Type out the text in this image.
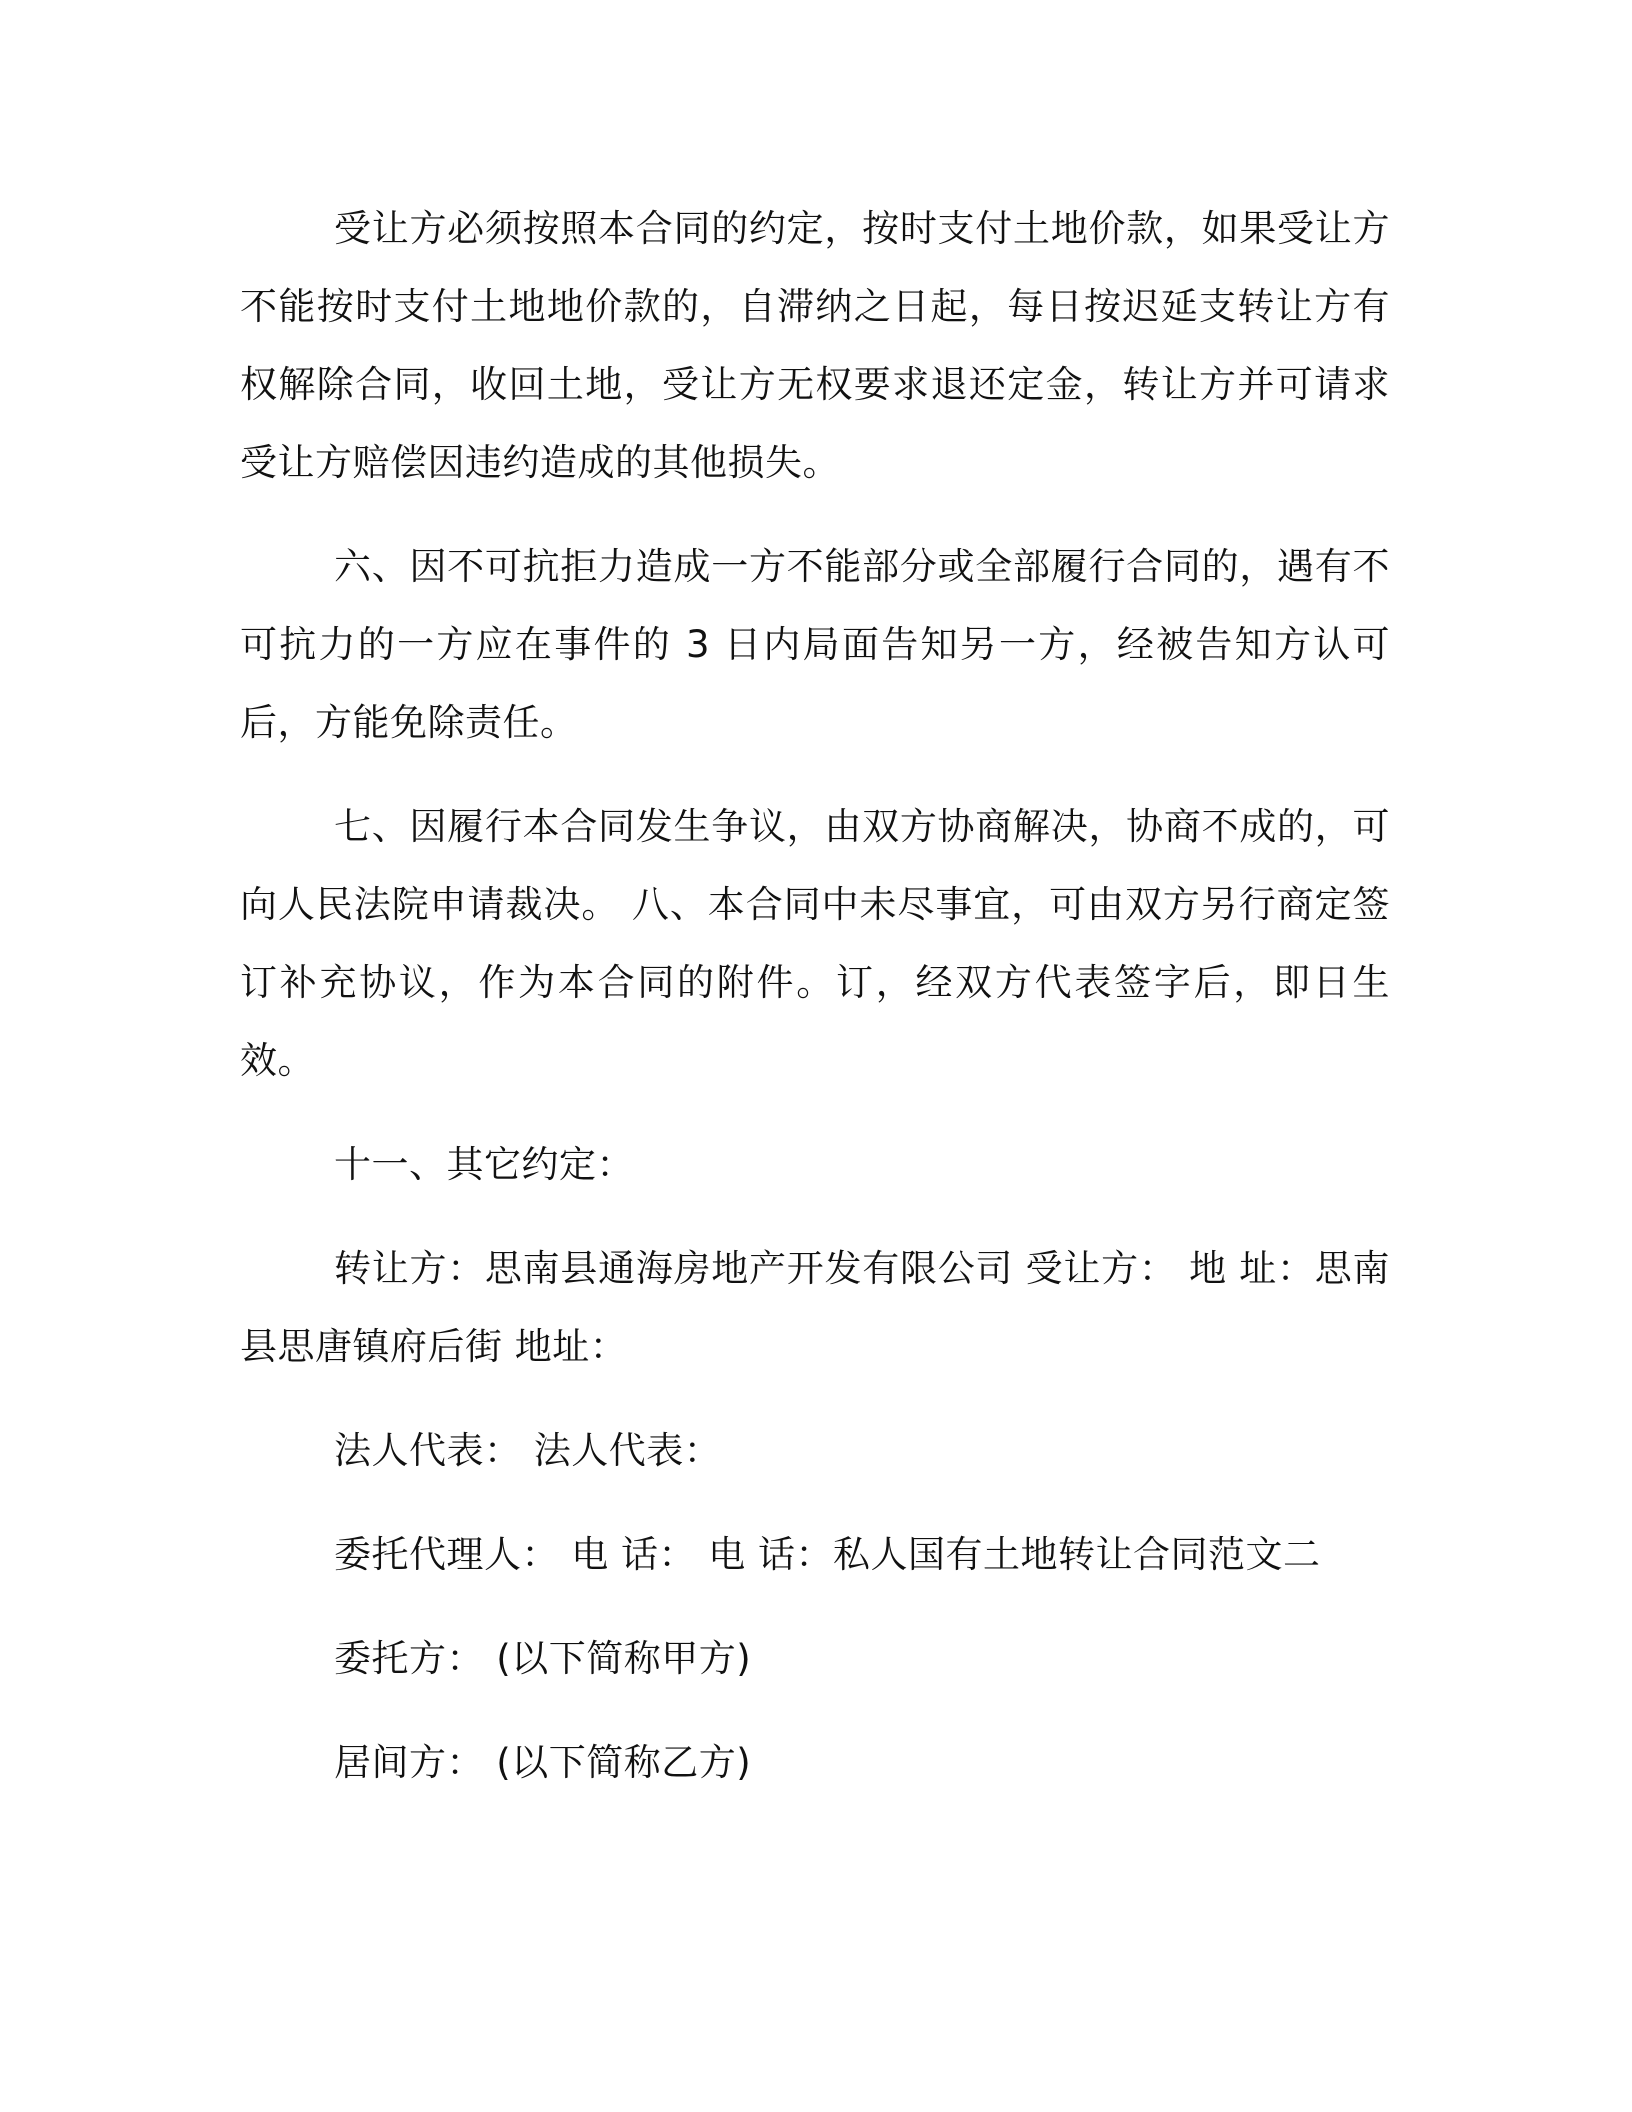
受让方必须按照本合同的约定，按时支付土地价款，如果受让方不能按时支付土地地价款的，自滞纳之日起，每日按迟延支转让方有权解除合同，收回土地，受让方无权要求退还定金，转让方并可请求受让方赔偿因违约造成的其他损失。

六、因不可抗拒力造成一方不能部分或全部履行合同的，遇有不可抗力的一方应在事件的 3 日内局面告知另一方，经被告知方认可后，方能免除责任。

七、因履行本合同发生争议，由双方协商解决，协商不成的，可向人民法院申请裁决。 八、本合同中未尽事宜，可由双方另行商定签订补充协议，作为本合同的附件。订，经双方代表签字后，即日生效。

十一、其它约定：

转让方：思南县通海房地产开发有限公司 受让方： 地 址：思南县思唐镇府后街 地址：

法人代表： 法人代表：

委托代理人： 电 话： 电 话：私人国有土地转让合同范文二

委托方： (以下简称甲方)

居间方： (以下简称乙方)
